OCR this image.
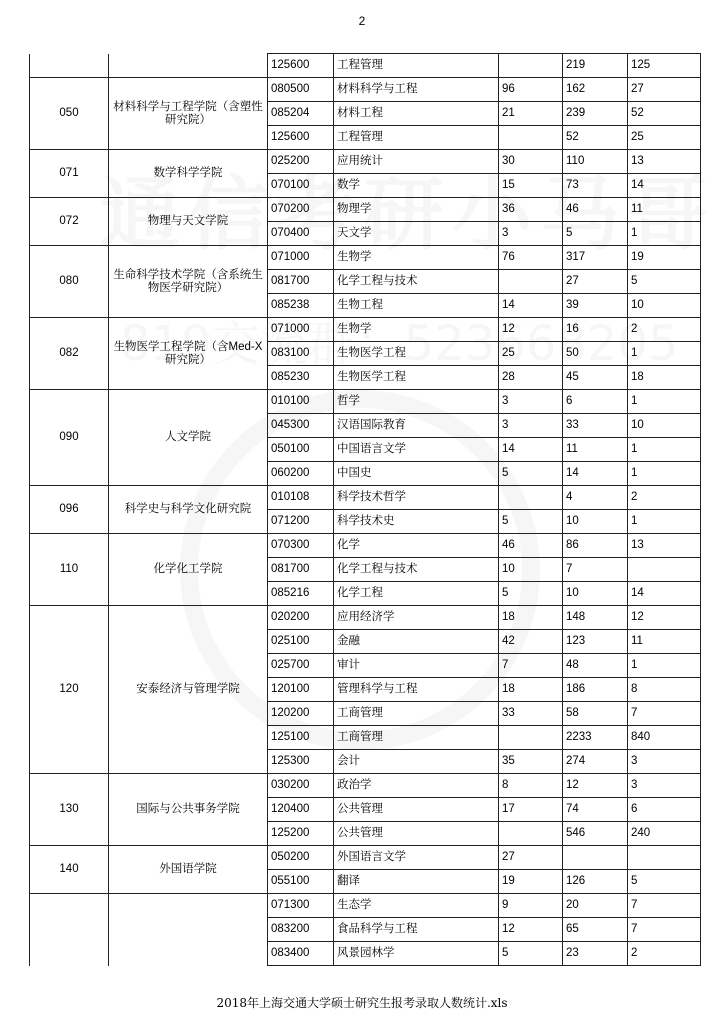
2
		125600	工程管理		219	125
050	材料科学与工程学院（含塑性研究院）	080500	材料科学与工程	96	162	27
		085204	材料工程	21	239	52
		125600	工程管理		52	25
071	数学科学学院	025200	应用统计	30	110	13
		070100	数学	15	73	14
072	物理与天文学院	070200	物理学	36	46	11
		070400	天文学	3	5	1
080	生命科学技术学院（含系统生物医学研究院）	071000	生物学	76	317	19
		081700	化学工程与技术		27	5
		085238	生物工程	14	39	10
082	生物医学工程学院（含Med-X研究院）	071000	生物学	12	16	2
		083100	生物医学工程	25	50	1
		085230	生物医学工程	28	45	18
090	人文学院	010100	哲学	3	6	1
		045300	汉语国际教育	3	33	10
		050100	中国语言文学	14	11	1
		060200	中国史	5	14	1
096	科学史与科学文化研究院	010108	科学技术哲学		4	2
		071200	科学技术史	5	10	1
110	化学化工学院	070300	化学	46	86	13
		081700	化学工程与技术	10	7	
		085216	化学工程	5	10	14
120	安泰经济与管理学院	020200	应用经济学	18	148	12
		025100	金融	42	123	11
		025700	审计	7	48	1
		120100	管理科学与工程	18	186	8
		120200	工商管理	33	58	7
		125100	工商管理		2233	840
		125300	会计	35	274	3
130	国际与公共事务学院	030200	政治学	8	12	3
		120400	公共管理	17	74	6
		125200	公共管理		546	240
140	外国语学院	050200	外国语言文学	27		
		055100	翻译	19	126	5
		071300	生态学	9	20	7
		083200	食品科学与工程	12	65	7
		083400	风景园林学	5	23	2
2018年上海交通大学硕士研究生报考录取人数统计.xls
